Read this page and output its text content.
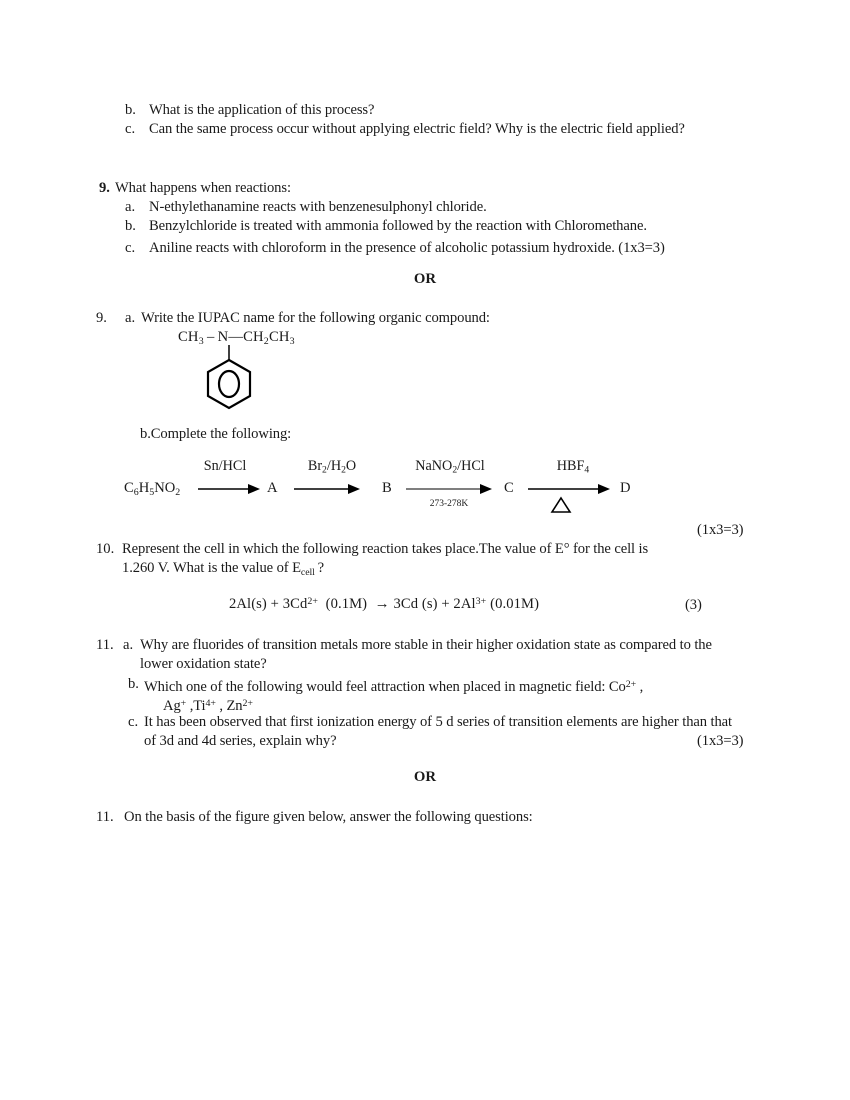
b. What is the application of this process?
c. Can the same process occur without applying electric field? Why is the electric field applied?
9. What happens when reactions:
a. N-ethylethanamine reacts with benzenesulphonyl chloride.
b. Benzylchloride is treated with ammonia followed by the reaction with Chloromethane.
c. Aniline reacts with chloroform in the presence of alcoholic potassium hydroxide. (1x3=3)
OR
9. a. Write the IUPAC name for the following organic compound:
$CH_3$ – $N—CH_2CH_3$
b.Complete the following:
$C_6H_5NO_2$
Sn/HCl
A
$Br_2/H_2O$
B
NaNO$_2$/HCl
273-278K
C
$HBF_4$
D
(1x3=3)
10. Represent the cell in which the following reaction takes place.The value of E° for the cell is
1.260 V. What is the value of $E_{cell}$ ?
$2Al(s) + 3Cd^{2+}$  (0.1M)  → 3Cd $(s) + 2Al^{3+}$ (0.01M)	(3)
11. a. Why are fluorides of transition metals more stable in their higher oxidation state as compared to the lower oxidation state?
b. Which one of the following would feel attraction when placed in magnetic field: $Co^{2+}$ ,
Ag+ $,Ti^{4+}$ , $Zn^{2+}$
c. It has been observed that first ionization energy of 5 d series of transition elements are higher than that of 3d and 4d series, explain why?	(1x3=3)
OR
11. On the basis of the figure given below, answer the following questions:
